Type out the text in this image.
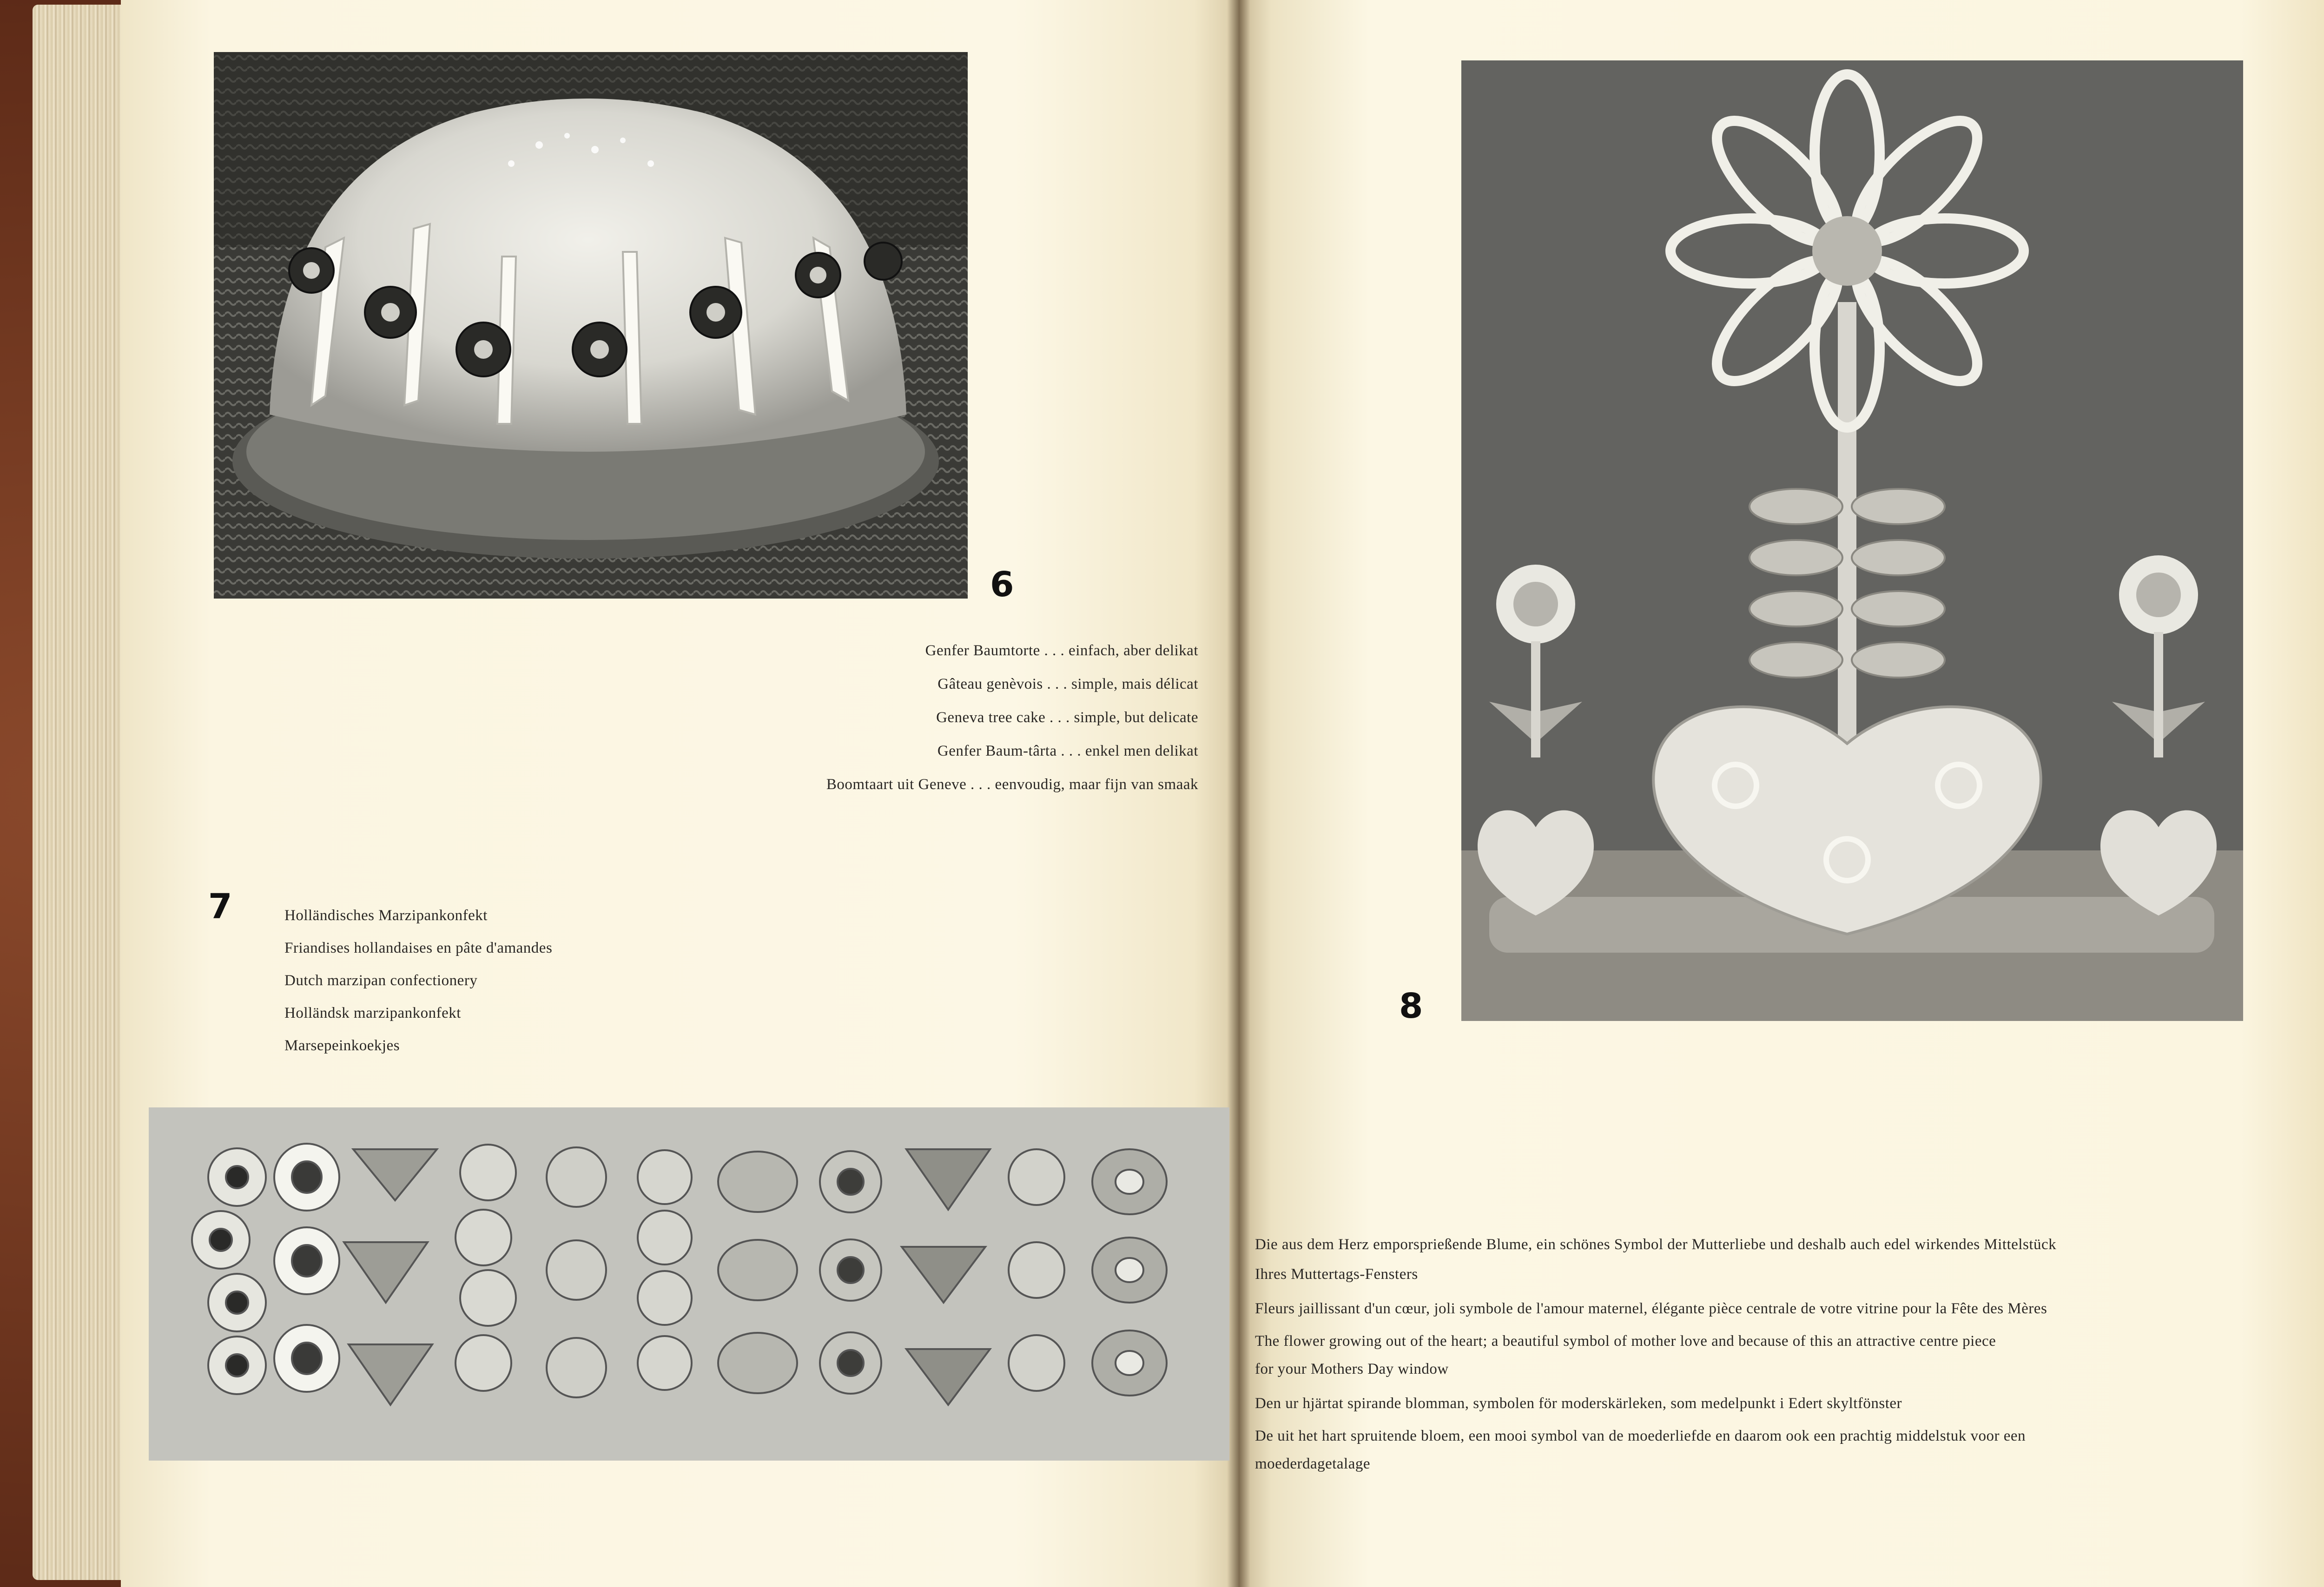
6
Genfer Baumtorte . . . einfach, aber delikat
Gâteau genèvois . . . simple, mais délicat
Geneva tree cake . . . simple, but delicate
Genfer Baum-târta . . . enkel men delikat
Boomtaart uit Geneve . . . eenvoudig, maar fijn van smaak
7	Holländisches Marzipankonfekt
Friandises hollandaises en pâte d'amandes
Dutch marzipan confectionery
Holländsk marzipankonfekt
Marsepeinkoekjes
8
Die aus dem Herz emporsprießende Blume, ein schönes Symbol der Mutterliebe und deshalb auch edel wirkendes Mittelstück
Ihres Muttertags-Fensters
Fleurs jaillissant d'un cœur, joli symbole de l'amour maternel, élégante pièce centrale de votre vitrine pour la Fête des Mères
The flower growing out of the heart; a beautiful symbol of mother love and because of this an attractive centre piece
for your Mothers Day window
Den ur hjärtat spirande blomman, symbolen för moderskärleken, som medelpunkt i Edert skyltfönster
De uit het hart spruitende bloem, een mooi symbol van de moederliefde en daarom ook een prachtig middelstuk voor een
moederdagetalage
